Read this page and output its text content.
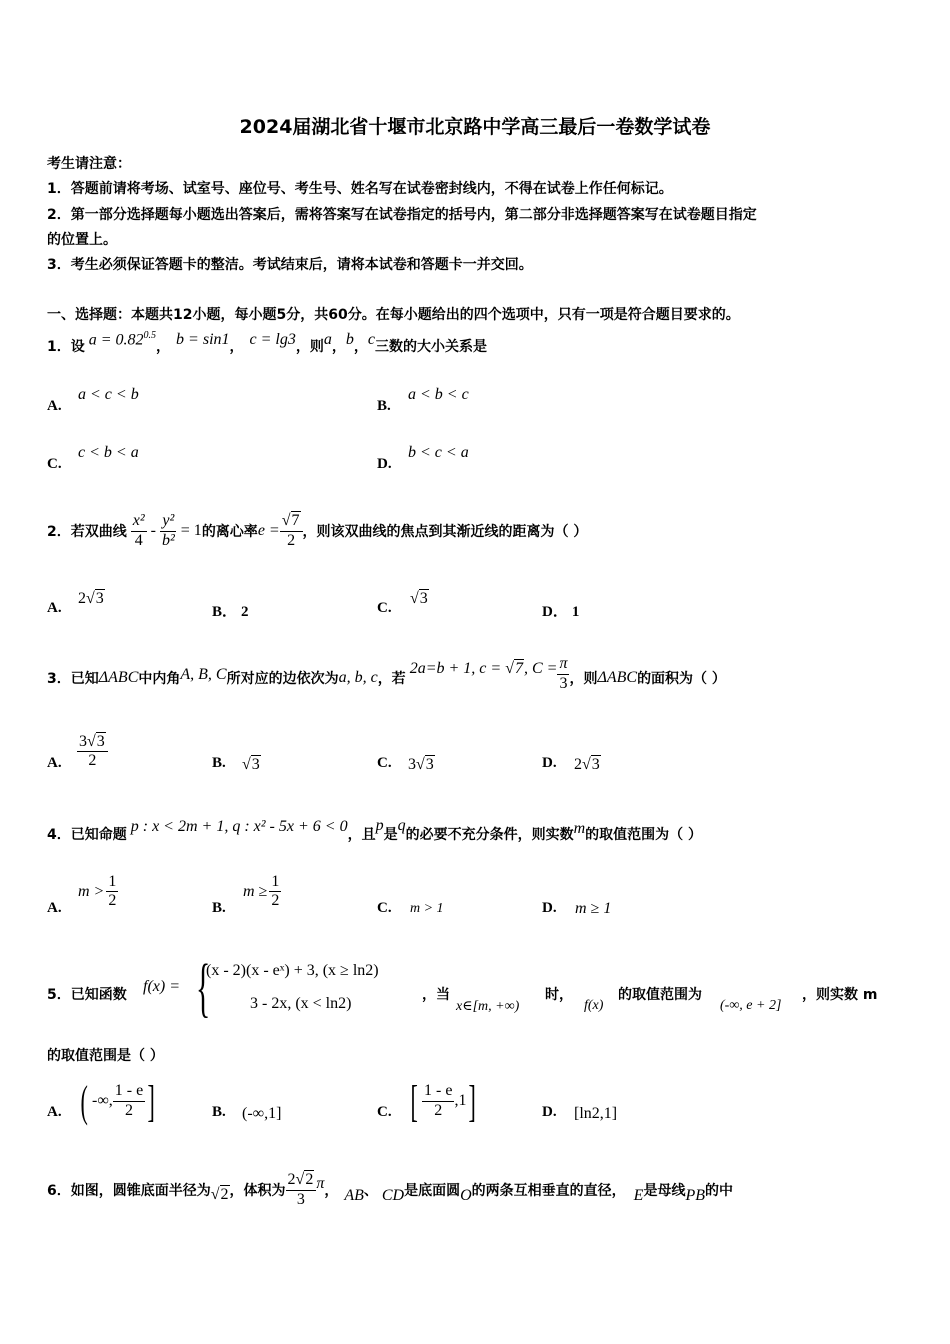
2024届湖北省十堰市北京路中学高三最后一卷数学试卷
考生请注意：
1．答题前请将考场、试室号、座位号、考生号、姓名写在试卷密封线内，不得在试卷上作任何标记。
2．第一部分选择题每小题选出答案后，需将答案写在试卷指定的括号内，第二部分非选择题答案写在试卷题目指定
的位置上。
3．考生必须保证答题卡的整洁。考试结束后，请将本试卷和答题卡一并交回。
一、选择题：本题共12小题，每小题5分，共60分。在每小题给出的四个选项中，只有一项是符合题目要求的。
1．设 $a = 0.82^{0.5}$
， b = sin1 ， c = lg3 ，则 a ， b ， c 三数的大小关系是
A.
a < c < b
B.
a < b < c
C.
c < b < a
D.
b < c < a
2．若双曲线 $\frac{\text{x²}}{4} - \frac{\text{y²}}{\text{b²}} = 1$ 的离心率 $e = \frac{√7}{2}$ ，则该双曲线的焦点到其渐近线的距离为（ ）
A.
2√3
B． 2	C.
√3
D． 1
3．已知 ΔABC 中内角 A, B, C 所对应的边依次为 a, b, c ，若
2a=b + 1, c = √7, $C = \frac{\pi}{3}$ ，则 ΔABC 的面积为（ ）
A. $\frac{3√3}{2}$	B. √3	C. 3√3	D. 2√3
4．已知命题 p : x < 2m + 1, q : x² - 5x + 6 < 0 ，且
p
是
q
的必要不充分条件，则实数 m 的取值范围为（ ）
A.
$m > \frac{1}{2}$	B.
$m \ge \frac{1}{2}$	C. m > 1	D. m ≥ 1
5．已知函数 f(x) = {
(x - 2)(x - eˣ) + 3, (x ≥ ln2)
3 - 2x, (x < ln2)	，当
x∈[m, +∞)
时，
f(x)
的取值范围为
(-∞, e + 2]
，则实数 m
的取值范围是（ ）
A. ( -∞, $\frac{1 - e}{2}$ ]	B. (-∞,1]	C. [ $\frac{1 - e}{2} ,1$ ]	D. [ln2,1]
6．如图，圆锥底面半径为 √2 ，体积为 $\frac{2√2}{3}$ π ， AB 、 CD 是底面圆 O 的两条互相垂直的直径， E 是母线 PB 的中
